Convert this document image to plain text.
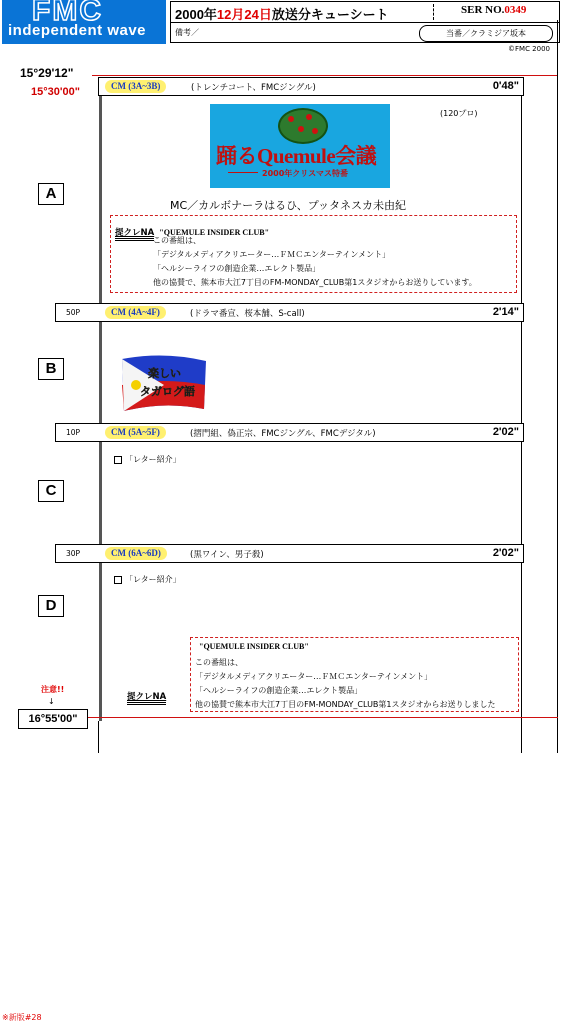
FMC
independent wave
2000年12月24日放送分キューシート	SER NO.0349
備考／	当番／クラミジア坂本
©FMC 2000
15°29'12"
15°30'00"	CM (3A~3B)	(トレンチコート、FMCジングル)	0'48"
(120プロ)
踊るQuemule会議
2000年クリスマス特番
A
MC／カルボナーラはるひ、プッタネスカ未由紀
提クレNA "QUEMULE INSIDER CLUB"
この番組は、
「デジタルメディアクリエーター…ＦＭＣエンターテインメント」
「ヘルシーライフの創造企業…エレクト製品」
他の協賛で、熊本市大江7丁目のFM-MONDAY_CLUB第1スタジオからお送りしています。
50P	CM (4A~4F)	(ドラマ番宣、桜本舗、S-call)	2'14"
B	楽しい
タガログ語
10P	CM (5A~5F)	(摺門組、偽正宗、FMCジングル、FMCデジタル)	2'02"
「レター紹介」
C
30P	CM (6A~6D)	(黒ワイン、男子殺)	2'02"
「レター紹介」
D
提クレNA
"QUEMULE INSIDER CLUB"
この番組は、
「デジタルメディアクリエーター…ＦＭＣエンターテインメント」
「ヘルシーライフの創造企業…エレクト製品」
他の協賛で熊本市大江7丁目のFM-MONDAY_CLUB第1スタジオからお送りしました
注意!!
↓
16°55'00"
※新版#28
